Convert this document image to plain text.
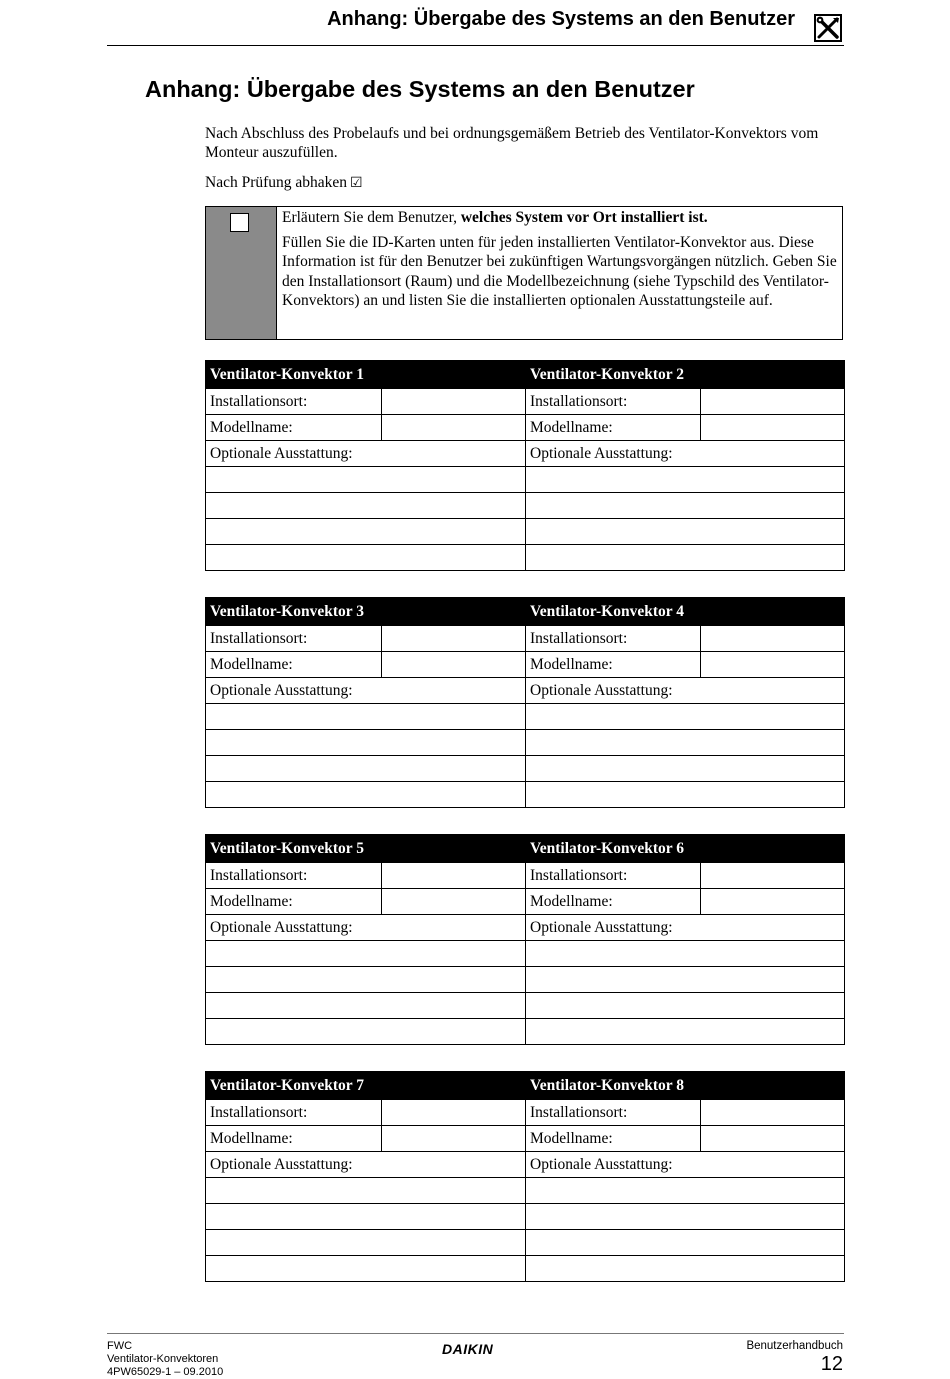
Anhang: Übergabe des Systems an den Benutzer
Anhang: Übergabe des Systems an den Benutzer
Nach Abschluss des Probelaufs und bei ordnungsgemäßem Betrieb des Ventilator-Konvektors vom Monteur auszufüllen.
Nach Prüfung abhaken ☑

Erläutern Sie dem Benutzer, welches System vor Ort installiert ist.

Füllen Sie die ID-Karten unten für jeden installierten Ventilator-Konvektor aus. Diese Information ist für den Benutzer bei zukünftigen Wartungsvorgängen nützlich. Geben Sie den Installationsort (Raum) und die Modellbezeichnung (siehe Typschild des Ventilator-Konvektors) an und listen Sie die installierten optionalen Ausstattungsteile auf.

Ventilator-Konvektor 1		Ventilator-Konvektor 2	
Installationsort:		Installationsort:	
Modellname:		Modellname:	
Optionale Ausstattung:		Optionale Ausstattung:	

Ventilator-Konvektor 3		Ventilator-Konvektor 4	
Installationsort:		Installationsort:	
Modellname:		Modellname:	
Optionale Ausstattung:		Optionale Ausstattung:	

Ventilator-Konvektor 5		Ventilator-Konvektor 6	
Installationsort:		Installationsort:	
Modellname:		Modellname:	
Optionale Ausstattung:		Optionale Ausstattung:	

Ventilator-Konvektor 7		Ventilator-Konvektor 8	
Installationsort:		Installationsort:	
Modellname:		Modellname:	
Optionale Ausstattung:		Optionale Ausstattung:	

FWC
Ventilator-Konvektoren
4PW65029-1 – 09.2010
DAIKIN	Benutzerhandbuch
12
